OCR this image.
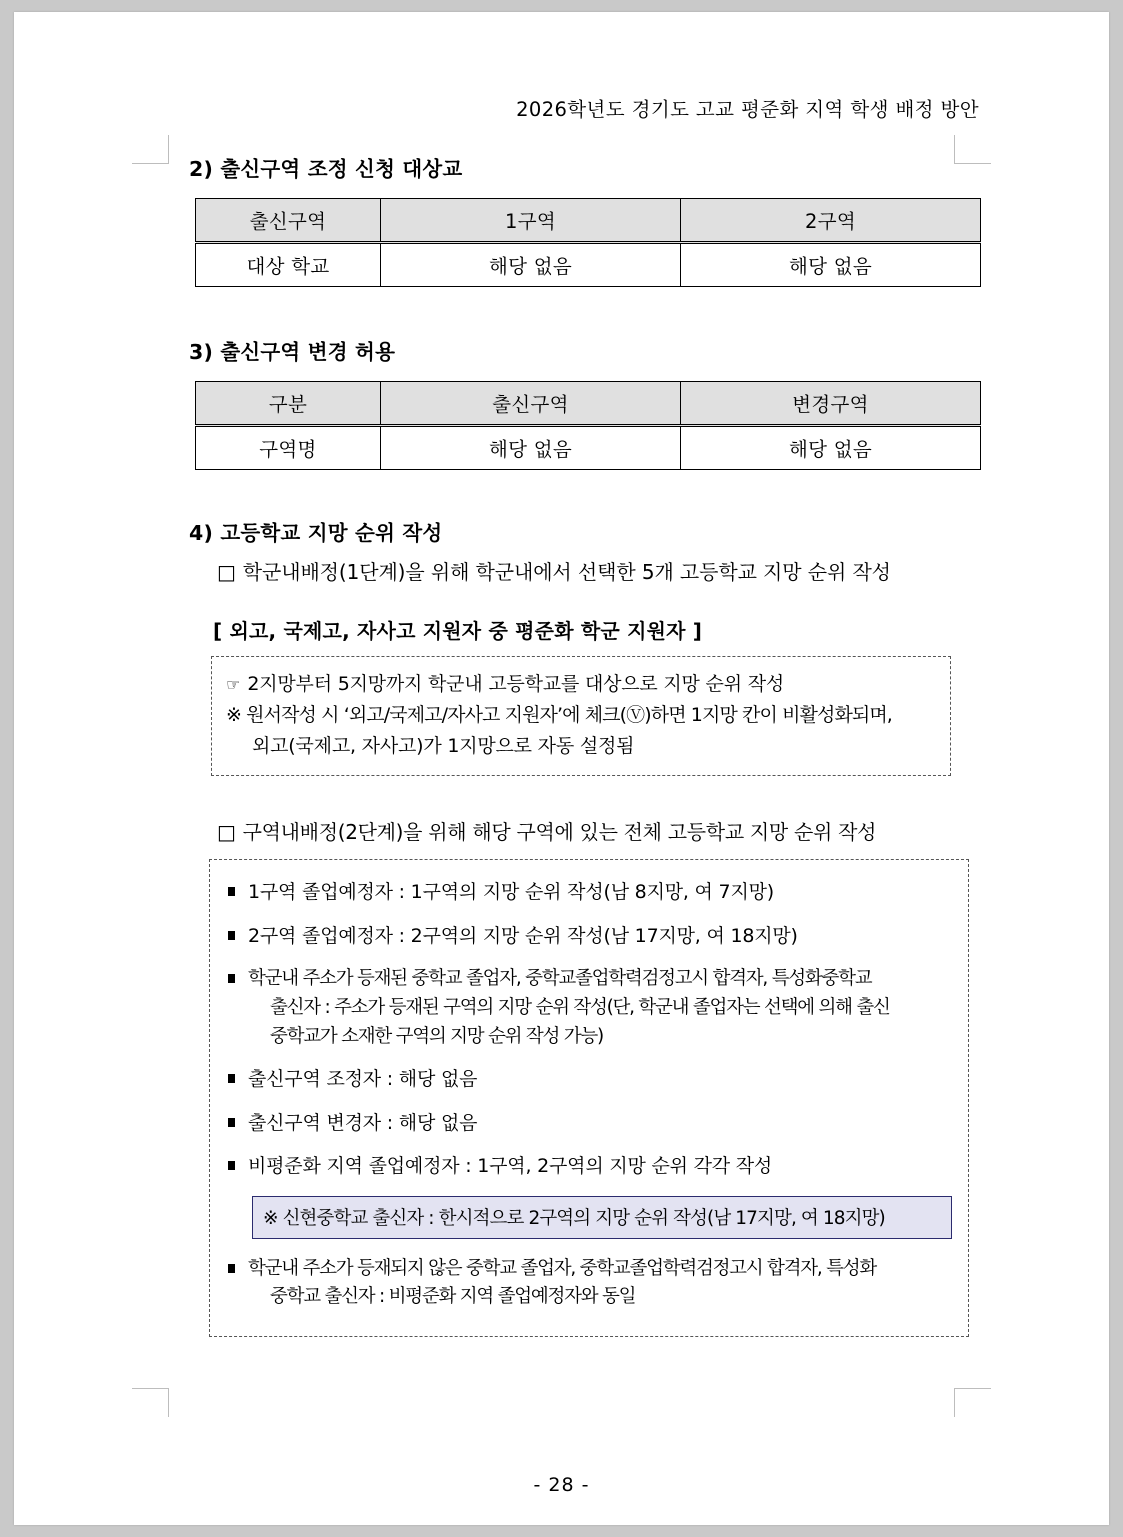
2026학년도 경기도 고교 평준화 지역 학생 배정 방안
2) 출신구역 조정 신청 대상교
출신구역	1구역	2구역
대상 학교	해당 없음	해당 없음
3) 출신구역 변경 허용
구분	출신구역	변경구역
구역명	해당 없음	해당 없음
4) 고등학교 지망 순위 작성

□ 학군내배정(1단계)을 위해 학군내에서 선택한 5개 고등학교 지망 순위 작성

[ 외고, 국제고, 자사고 지원자 중 평준화 학군 지원자 ]

☞ 2지망부터 5지망까지 학군내 고등학교를 대상으로 지망 순위 작성
※ 원서작성 시 ‘외고/국제고/자사고 지원자’에 체크(Ⓥ)하면 1지망 칸이 비활성화되며,
외고(국제고, 자사고)가 1지망으로 자동 설정됨

□ 구역내배정(2단계)을 위해 해당 구역에 있는 전체 고등학교 지망 순위 작성

1구역 졸업예정자 : 1구역의 지망 순위 작성(남 8지망, 여 7지망)
2구역 졸업예정자 : 2구역의 지망 순위 작성(남 17지망, 여 18지망)
학군내 주소가 등재된 중학교 졸업자, 중학교졸업학력검정고시 합격자, 특성화중학교
출신자 : 주소가 등재된 구역의 지망 순위 작성(단, 학군내 졸업자는 선택에 의해 출신
중학교가 소재한 구역의 지망 순위 작성 가능)
출신구역 조정자 : 해당 없음
출신구역 변경자 : 해당 없음
비평준화 지역 졸업예정자 : 1구역, 2구역의 지망 순위 각각 작성
※ 신현중학교 출신자 : 한시적으로 2구역의 지망 순위 작성(남 17지망, 여 18지망)
학군내 주소가 등재되지 않은 중학교 졸업자, 중학교졸업학력검정고시 합격자, 특성화
중학교 출신자 : 비평준화 지역 졸업예정자와 동일
- 28 -
